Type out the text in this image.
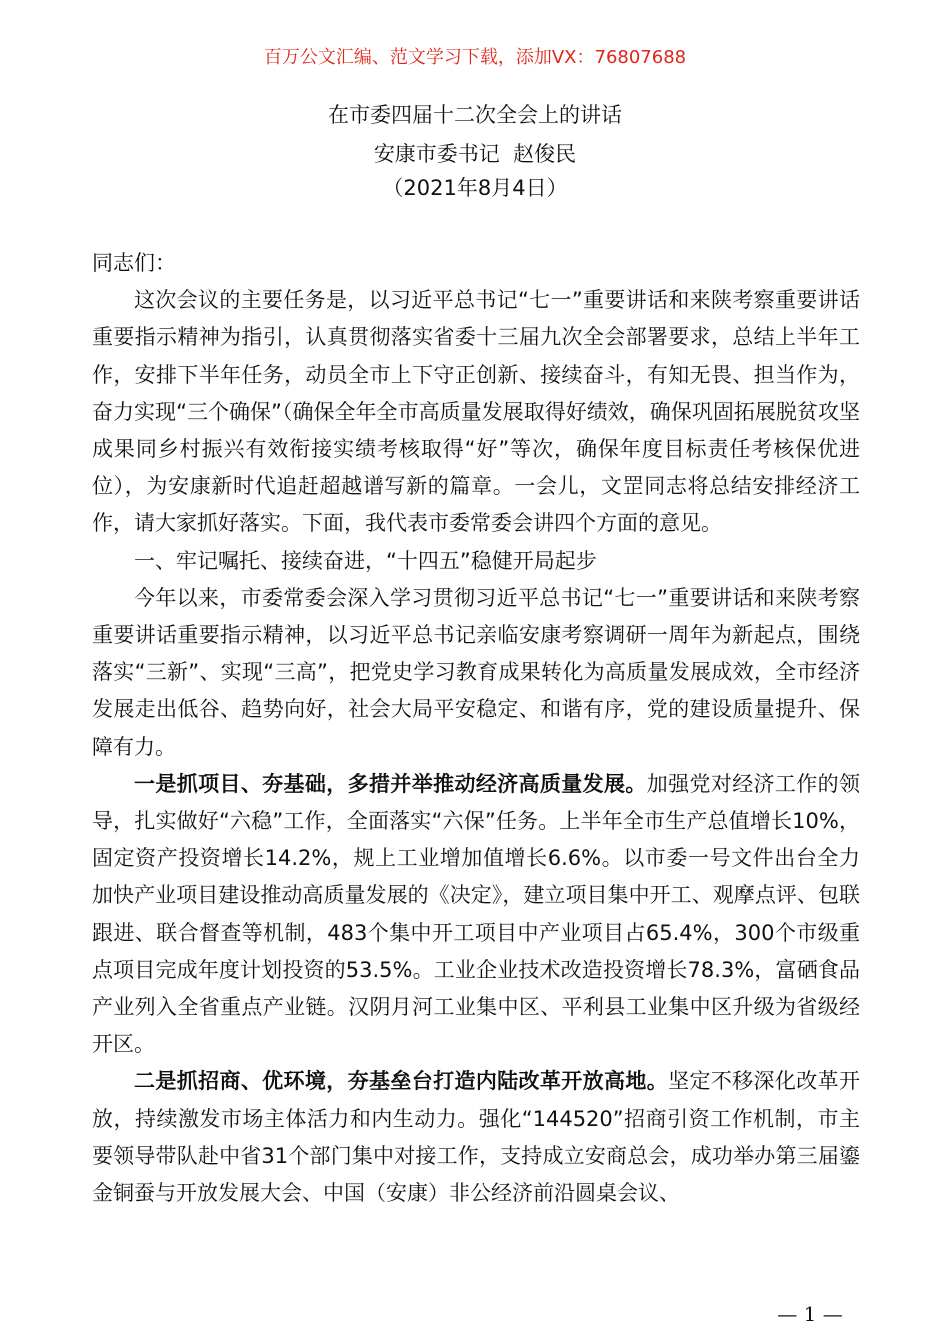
百万公文汇编、范文学习下载，添加VX：76807688
在市委四届十二次全会上的讲话
安康市委书记  赵俊民
（2021年8月4日）

同志们：

这次会议的主要任务是，以习近平总书记“七一”重要讲话和来陕考察重要讲话重要指示精神为指引，认真贯彻落实省委十三届九次全会部署要求，总结上半年工作，安排下半年任务，动员全市上下守正创新、接续奋斗，有知无畏、担当作为，奋力实现“三个确保”（确保全年全市高质量发展取得好绩效，确保巩固拓展脱贫攻坚成果同乡村振兴有效衔接实绩考核取得“好”等次，确保年度目标责任考核保优进位），为安康新时代追赶超越谱写新的篇章。一会儿，文罡同志将总结安排经济工作，请大家抓好落实。下面，我代表市委常委会讲四个方面的意见。

一、牢记嘱托、接续奋进，“十四五”稳健开局起步

今年以来，市委常委会深入学习贯彻习近平总书记“七一”重要讲话和来陕考察重要讲话重要指示精神，以习近平总书记亲临安康考察调研一周年为新起点，围绕落实“三新”、实现“三高”，把党史学习教育成果转化为高质量发展成效，全市经济发展走出低谷、趋势向好，社会大局平安稳定、和谐有序，党的建设质量提升、保障有力。

一是抓项目、夯基础，多措并举推动经济高质量发展。加强党对经济工作的领导，扎实做好“六稳”工作，全面落实“六保”任务。上半年全市生产总值增长10%，固定资产投资增长14.2%，规上工业增加值增长6.6%。以市委一号文件出台全力加快产业项目建设推动高质量发展的《决定》，建立项目集中开工、观摩点评、包联跟进、联合督查等机制，483个集中开工项目中产业项目占65.4%，300个市级重点项目完成年度计划投资的53.5%。工业企业技术改造投资增长78.3%，富硒食品产业列入全省重点产业链。汉阴月河工业集中区、平利县工业集中区升级为省级经开区。

二是抓招商、优环境，夯基垒台打造内陆改革开放高地。坚定不移深化改革开放，持续激发市场主体活力和内生动力。强化“144520”招商引资工作机制，市主要领导带队赴中省31个部门集中对接工作，支持成立安商总会，成功举办第三届鎏金铜蚕与开放发展大会、中国（安康）非公经济前沿圆桌会议、

— 1 —
